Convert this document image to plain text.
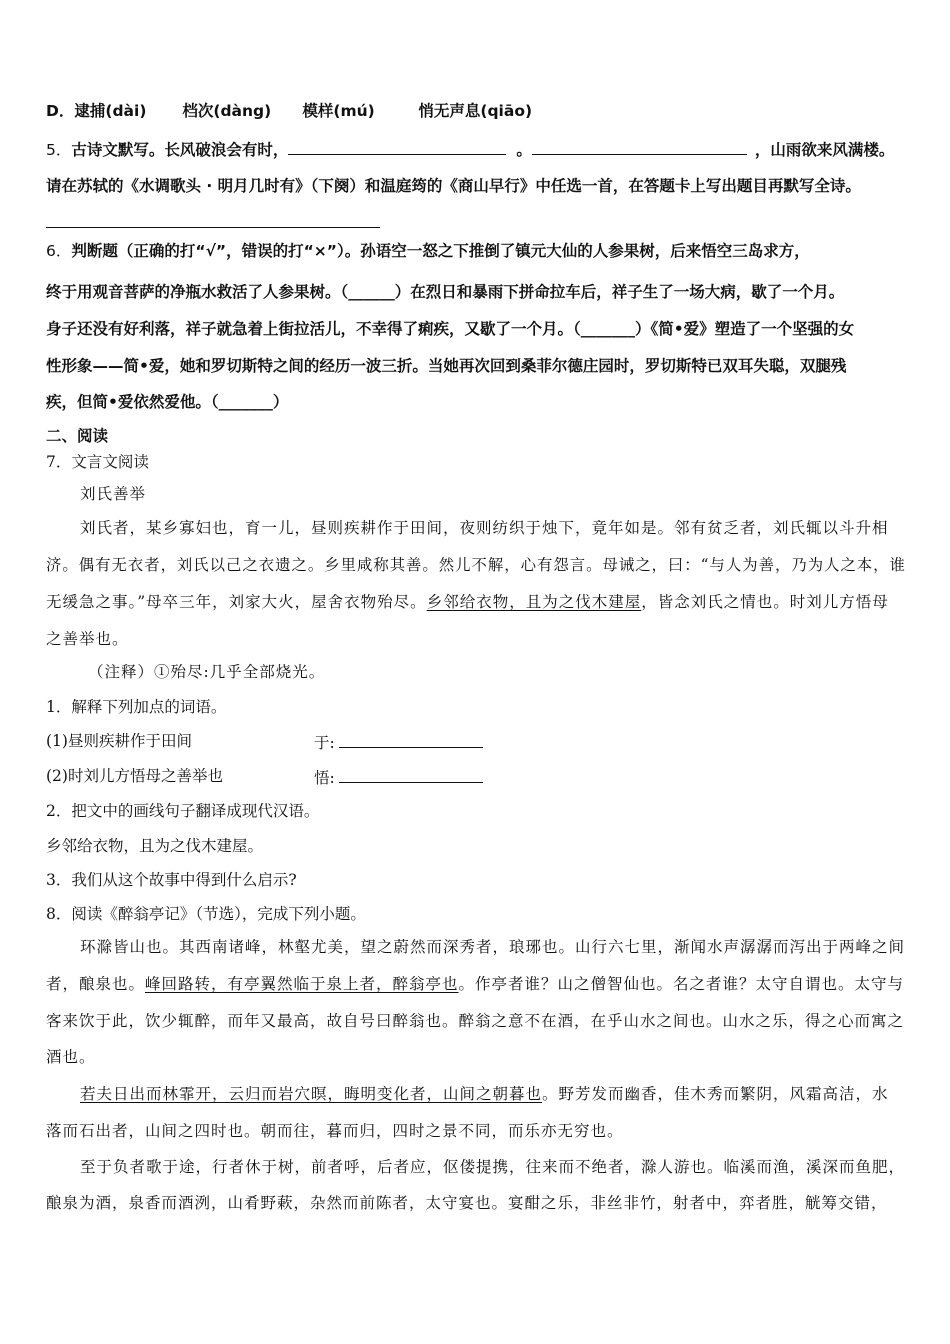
D．逮捕(dài) 档次(dàng) 模样(mú)	悄无声息(qiāo)
5．古诗文默写。长风破浪会有时，	。	，山雨欲来风满楼。
请在苏轼的《水调歌头 · 明月几时有》（下阕）和温庭筠的《商山早行》中任选一首，在答题卡上写出题目再默写全诗。
6．判断题（正确的打“√”，错误的打“×”）。孙语空一怒之下推倒了镇元大仙的人参果树，后来悟空三岛求方，
终于用观音菩萨的净瓶水救活了人参果树。（______）在烈日和暴雨下拼命拉车后，祥子生了一场大病，歇了一个月。
身子还没有好利落，祥子就急着上街拉活儿，不幸得了痢疾，又歇了一个月。（_______）《简•爱》塑造了一个坚强的女
性形象——简•爱，她和罗切斯特之间的经历一波三折。当她再次回到桑菲尔德庄园时，罗切斯特已双耳失聪，双腿残
疾，但简•爱依然爱他。（_______）
二、阅读
7．文言文阅读
刘氏善举
刘氏者，某乡寡妇也，育一儿，昼则疾耕作于田间，夜则纺织于烛下，竟年如是。邻有贫乏者，刘氏辄以斗升相
济。偶有无衣者，刘氏以己之衣遗之。乡里咸称其善。然儿不解，心有怨言。母诫之，曰：“与人为善，乃为人之本，谁
无缓急之事。”母卒三年，刘家大火，屋舍衣物殆尽。乡邻给衣物，且为之伐木建屋，皆念刘氏之情也。时刘儿方悟母
之善举也。
（注释）①殆尽:几乎全部烧光。
1．解释下列加点的词语。
(1)昼则疾耕作于田间	于:
(2)时刘儿方悟母之善举也	悟:
2．把文中的画线句子翻译成现代汉语。
乡邻给衣物，且为之伐木建屋。
3．我们从这个故事中得到什么启示?
8．阅读《醉翁亭记》（节选），完成下列小题。
环滁皆山也。其西南诸峰，林壑尤美，望之蔚然而深秀者，琅琊也。山行六七里，渐闻水声潺潺而泻出于两峰之间
者，酿泉也。峰回路转，有亭翼然临于泉上者，醉翁亭也。作亭者谁？山之僧智仙也。名之者谁？太守自谓也。太守与
客来饮于此，饮少辄醉，而年又最高，故自号曰醉翁也。醉翁之意不在酒，在乎山水之间也。山水之乐，得之心而寓之
酒也。
若夫日出而林霏开，云归而岩穴暝，晦明变化者，山间之朝暮也。野芳发而幽香，佳木秀而繁阴，风霜高洁，水
落而石出者，山间之四时也。朝而往，暮而归，四时之景不同，而乐亦无穷也。
至于负者歌于途，行者休于树，前者呼，后者应，伛偻提携，往来而不绝者，滁人游也。临溪而渔，溪深而鱼肥，
酿泉为酒，泉香而酒洌，山肴野蔌，杂然而前陈者，太守宴也。宴酣之乐，非丝非竹，射者中，弈者胜，觥筹交错，
